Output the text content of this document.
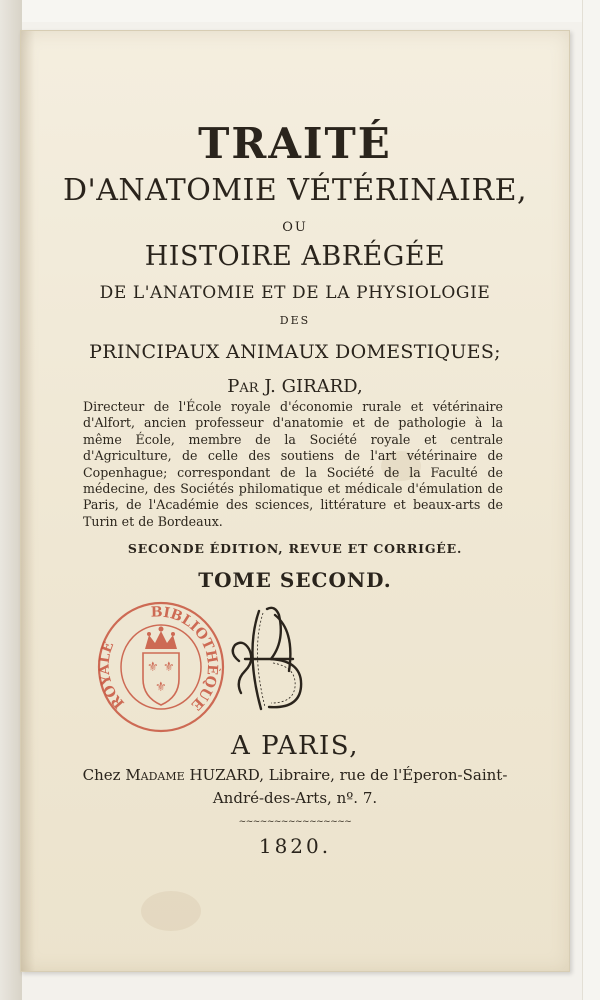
TRAITÉ
D'ANATOMIE VÉTÉRINAIRE,
OU
HISTOIRE ABRÉGÉE
DE L'ANATOMIE ET DE LA PHYSIOLOGIE
DES
PRINCIPAUX ANIMAUX DOMESTIQUES;
Par J. GIRARD,
Directeur de l'École royale d'économie rurale et vétérinaire d'Alfort, ancien professeur d'anatomie et de pathologie à la même École, membre de la Société royale et centrale d'Agriculture, de celle des soutiens de l'art vétérinaire de Copenhague; correspondant de la Société de la Faculté de médecine, des Sociétés philomatique et médicale d'émulation de Paris, de l'Académie des sciences, littérature et beaux-arts de Turin et de Bordeaux.
SECONDE ÉDITION, REVUE ET CORRIGÉE.
TOME SECOND.
ROYALE
BIBLIOTHÈQUE
⚜ ⚜
⚜
A PARIS,
Chez Madame HUZARD, Libraire, rue de l'Éperon-Saint-
André-des-Arts, nº. 7.
~~~~~~~~~~~~~~~~
1820.
